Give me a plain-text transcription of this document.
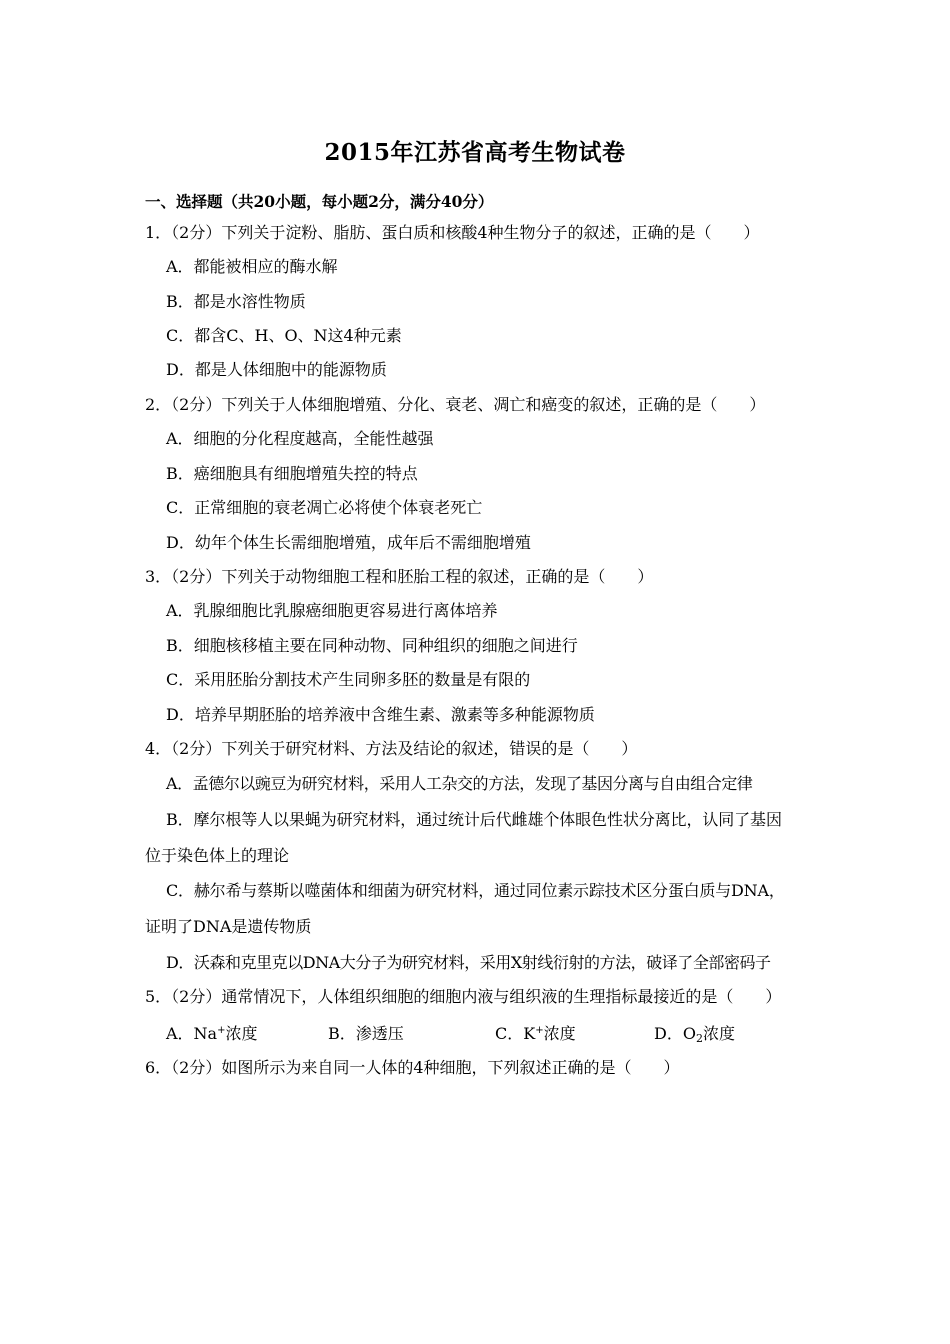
2015年江苏省高考生物试卷
一、选择题（共20小题，每小题2分，满分40分）
1．（2分）下列关于淀粉、脂肪、蛋白质和核酸4种生物分子的叙述，正确的是（　　）
A．都能被相应的酶水解
B．都是水溶性物质
C．都含C、H、O、N这4种元素
D．都是人体细胞中的能源物质
2．（2分）下列关于人体细胞增殖、分化、衰老、凋亡和癌变的叙述，正确的是（　　）
A．细胞的分化程度越高，全能性越强
B．癌细胞具有细胞增殖失控的特点
C．正常细胞的衰老凋亡必将使个体衰老死亡
D．幼年个体生长需细胞增殖，成年后不需细胞增殖
3．（2分）下列关于动物细胞工程和胚胎工程的叙述，正确的是（　　）
A．乳腺细胞比乳腺癌细胞更容易进行离体培养
B．细胞核移植主要在同种动物、同种组织的细胞之间进行
C．采用胚胎分割技术产生同卵多胚的数量是有限的
D．培养早期胚胎的培养液中含维生素、激素等多种能源物质
4．（2分）下列关于研究材料、方法及结论的叙述，错误的是（　　）
A．孟德尔以豌豆为研究材料，采用人工杂交的方法，发现了基因分离与自由组合定律
B．摩尔根等人以果蝇为研究材料，通过统计后代雌雄个体眼色性状分离比，认同了基因
位于染色体上的理论
C．赫尔希与蔡斯以噬菌体和细菌为研究材料，通过同位素示踪技术区分蛋白质与DNA，
证明了DNA是遗传物质
D．沃森和克里克以DNA大分子为研究材料，采用X射线衍射的方法，破译了全部密码子
5．（2分）通常情况下，人体组织细胞的细胞内液与组织液的生理指标最接近的是（　　）
A．Na+浓度	B．渗透压	C．K+浓度	D．$O_2$浓度
6．（2分）如图所示为来自同一人体的4种细胞，下列叙述正确的是（　　）
